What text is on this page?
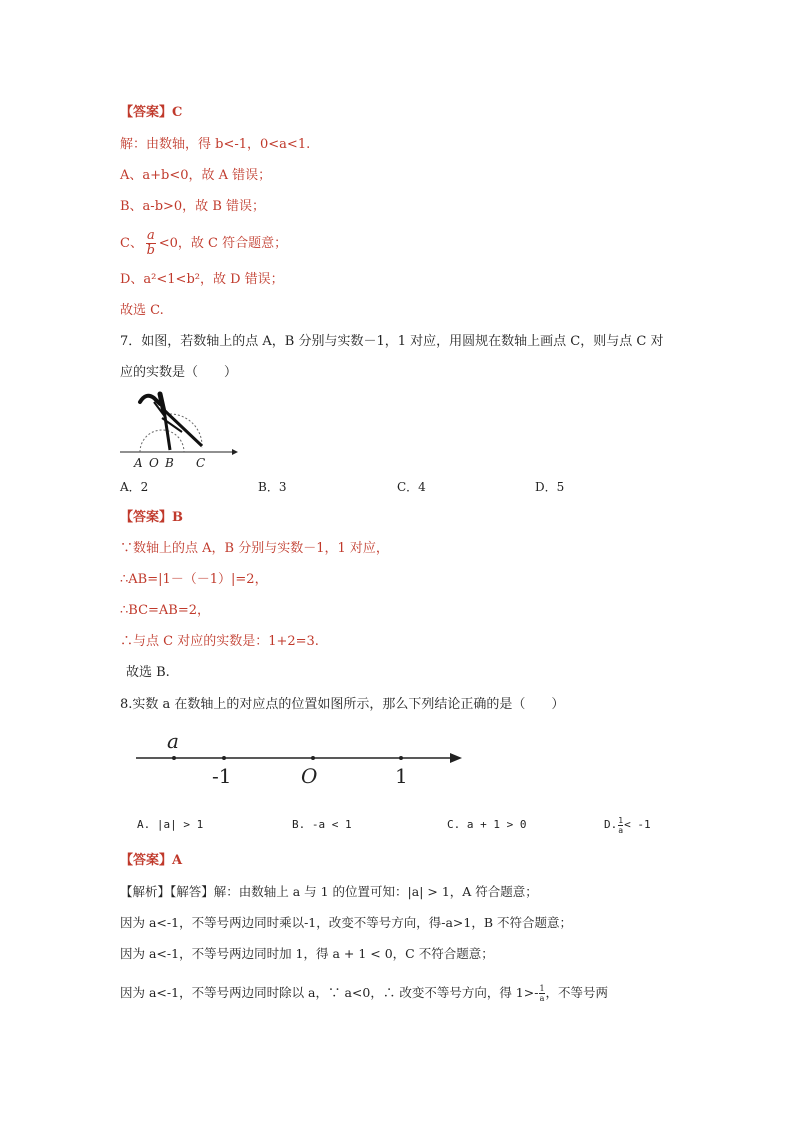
【答案】C
解：由数轴，得 b<-1，0<a<1.
A、a+b<0，故 A 错误；
B、a-b>0，故 B 错误；
C、 $\frac{a}{b} <0$，故 C 符合题意；
D、a²<1<b²，故 D 错误；
故选 C.
7．如图，若数轴上的点 A，B 分别与实数－1，1 对应，用圆规在数轴上画点 C，则与点 C 对
应的实数是（　　）
A O B C
A．2	B．3	C．4	D．5
【答案】B
∵数轴上的点 A，B 分别与实数－1，1 对应，
∴AB=|1－（－1）|=2，
∴BC=AB=2，
∴与点 C 对应的实数是：1+2=3.
故选 B.
8.实数 a 在数轴上的对应点的位置如图所示，那么下列结论正确的是（　　）
a
-1	O	1
A. |a| > 1	B. -a < 1	C. a + 1 > 0	D. $\frac{1}{a} < -1$
【答案】A
【解析】【解答】解：由数轴上 a 与 1 的位置可知：|a| > 1，A 符合题意；
因为 a<-1，不等号两边同时乘以-1，改变不等号方向，得-a>1，B 不符合题意；
因为 a<-1，不等号两边同时加 1，得 a + 1 < 0，C 不符合题意；
因为 a<-1，不等号两边同时除以 a，∵ a<0，∴ 改变不等号方向，得 $1>- \frac{1}{a}$ ，不等号两
